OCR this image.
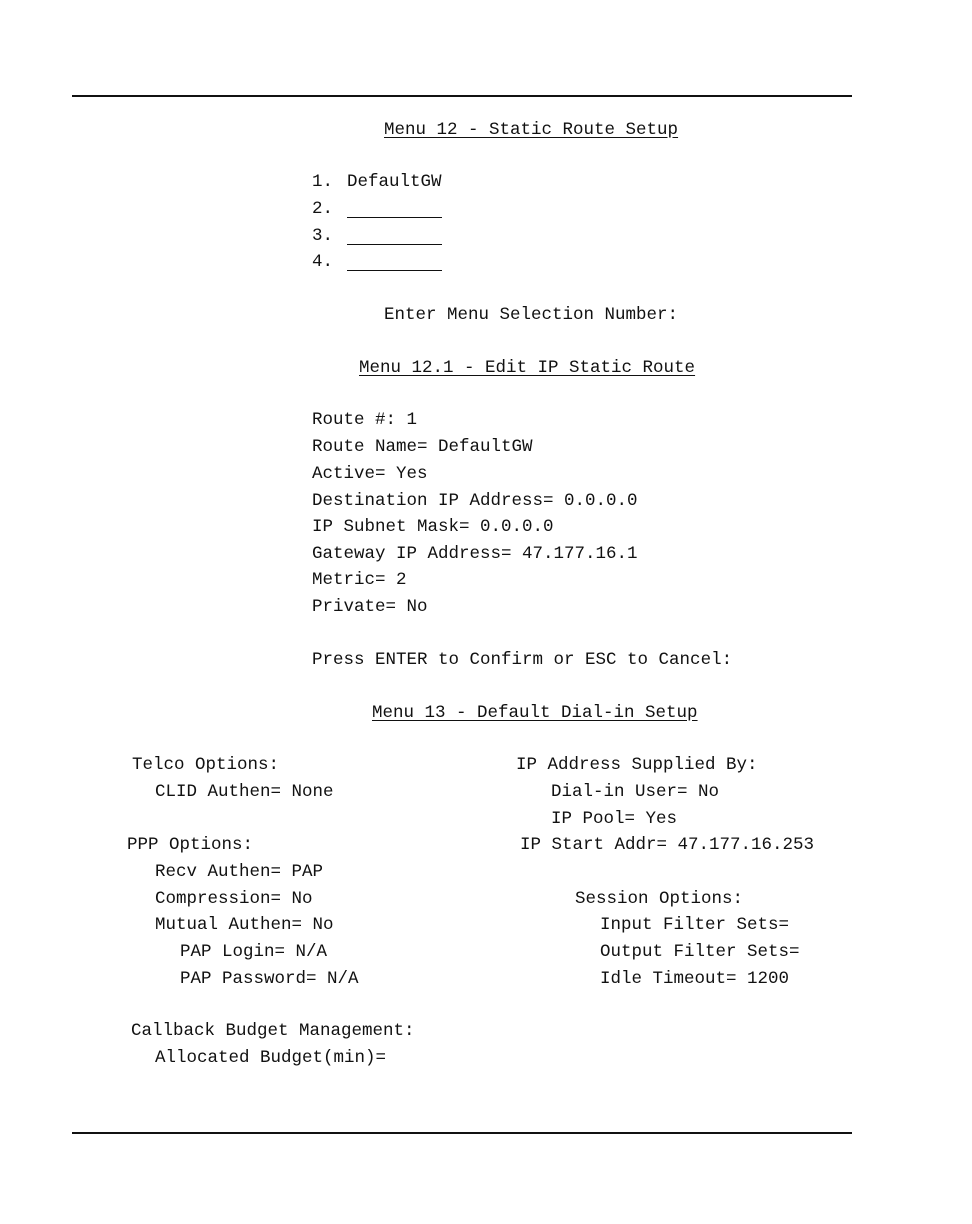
Menu 12 - Static Route Setup
1. DefaultGW
2.
3.
4.
Enter Menu Selection Number:
Menu 12.1 - Edit IP Static Route
Route #: 1
Route Name= DefaultGW
Active= Yes
Destination IP Address= 0.0.0.0
IP Subnet Mask= 0.0.0.0
Gateway IP Address= 47.177.16.1
Metric= 2
Private= No
Press ENTER to Confirm or ESC to Cancel:
Menu 13 - Default Dial-in Setup
Telco Options:
CLID Authen= None
PPP Options:
Recv Authen= PAP
Compression= No
Mutual Authen= No
PAP Login= N/A
PAP Password= N/A
IP Address Supplied By:
Dial-in User= No
IP Pool= Yes
IP Start Addr= 47.177.16.253
Session Options:
Input Filter Sets=
Output Filter Sets=
Idle Timeout= 1200
Callback Budget Management:
Allocated Budget(min)=
